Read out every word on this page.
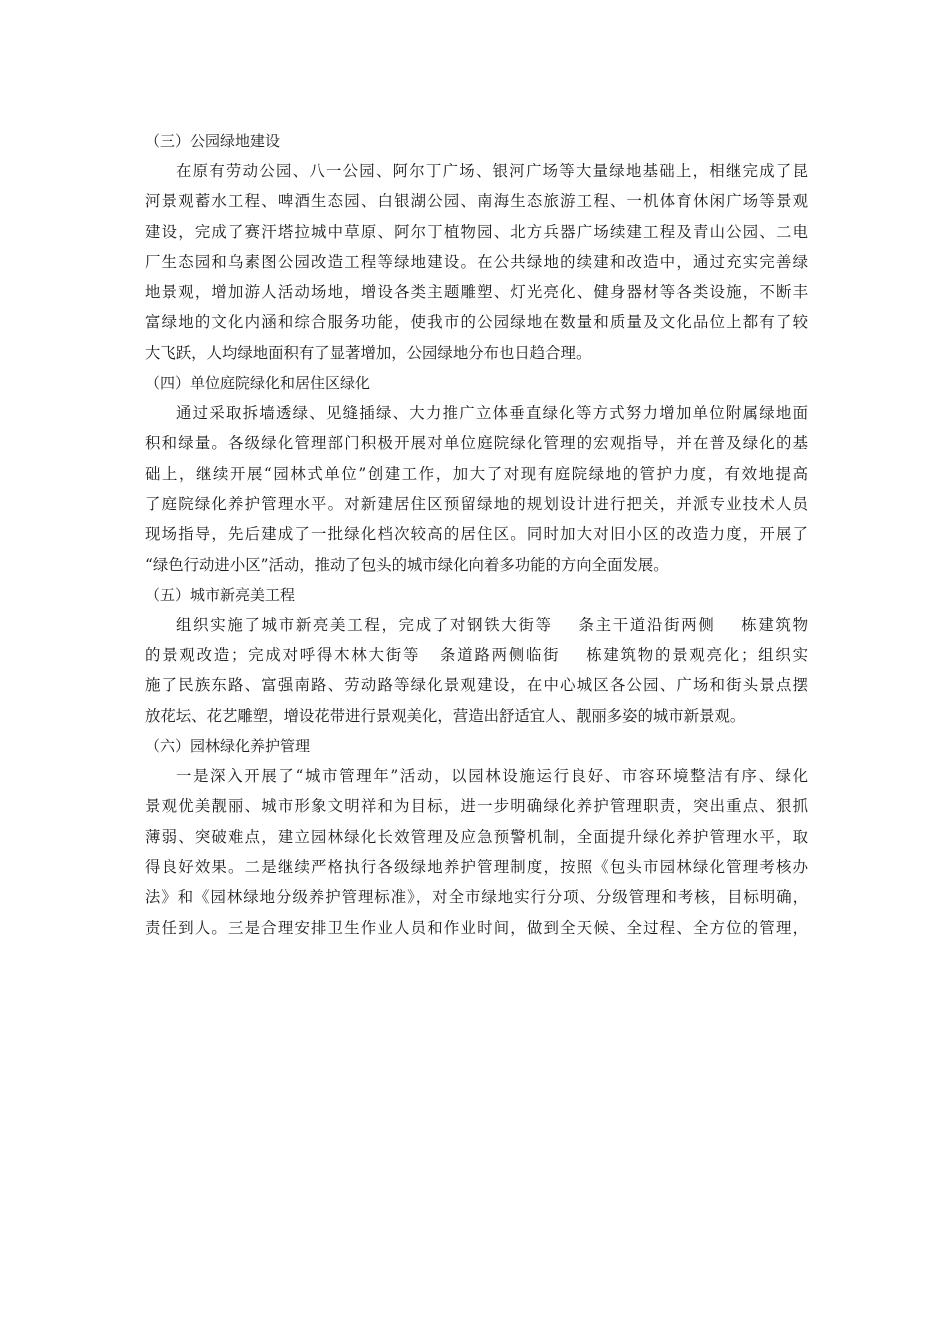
（三）公园绿地建设

在原有劳动公园、八一公园、阿尔丁广场、银河广场等大量绿地基础上，相继完成了昆
河景观蓄水工程、啤酒生态园、白银湖公园、南海生态旅游工程、一机体育休闲广场等景观
建设，完成了赛汗塔拉城中草原、阿尔丁植物园、北方兵器广场续建工程及青山公园、二电
厂生态园和乌素图公园改造工程等绿地建设。在公共绿地的续建和改造中，通过充实完善绿
地景观，增加游人活动场地，增设各类主题雕塑、灯光亮化、健身器材等各类设施，不断丰
富绿地的文化内涵和综合服务功能，使我市的公园绿地在数量和质量及文化品位上都有了较
大飞跃，人均绿地面积有了显著增加，公园绿地分布也日趋合理。

（四）单位庭院绿化和居住区绿化

通过采取拆墙透绿、见缝插绿、大力推广立体垂直绿化等方式努力增加单位附属绿地面
积和绿量。各级绿化管理部门积极开展对单位庭院绿化管理的宏观指导，并在普及绿化的基
础上，继续开展“园林式单位”创建工作，加大了对现有庭院绿地的管护力度，有效地提高
了庭院绿化养护管理水平。对新建居住区预留绿地的规划设计进行把关，并派专业技术人员
现场指导，先后建成了一批绿化档次较高的居住区。同时加大对旧小区的改造力度，开展了
“绿色行动进小区”活动，推动了包头的城市绿化向着多功能的方向全面发展。

（五）城市新亮美工程

组织实施了城市新亮美工程，完成了对钢铁大街等 条主干道沿街两侧 栋建筑物
的景观改造；完成对呼得木林大街等 条道路两侧临街 栋建筑物的景观亮化；组织实
施了民族东路、富强南路、劳动路等绿化景观建设，在中心城区各公园、广场和街头景点摆
放花坛、花艺雕塑，增设花带进行景观美化，营造出舒适宜人、靓丽多姿的城市新景观。

（六）园林绿化养护管理

一是深入开展了“城市管理年”活动，以园林设施运行良好、市容环境整洁有序、绿化
景观优美靓丽、城市形象文明祥和为目标，进一步明确绿化养护管理职责，突出重点、狠抓
薄弱、突破难点，建立园林绿化长效管理及应急预警机制，全面提升绿化养护管理水平，取
得良好效果。二是继续严格执行各级绿地养护管理制度，按照《包头市园林绿化管理考核办
法》和《园林绿地分级养护管理标准》，对全市绿地实行分项、分级管理和考核，目标明确，
责任到人。三是合理安排卫生作业人员和作业时间，做到全天候、全过程、全方位的管理，
